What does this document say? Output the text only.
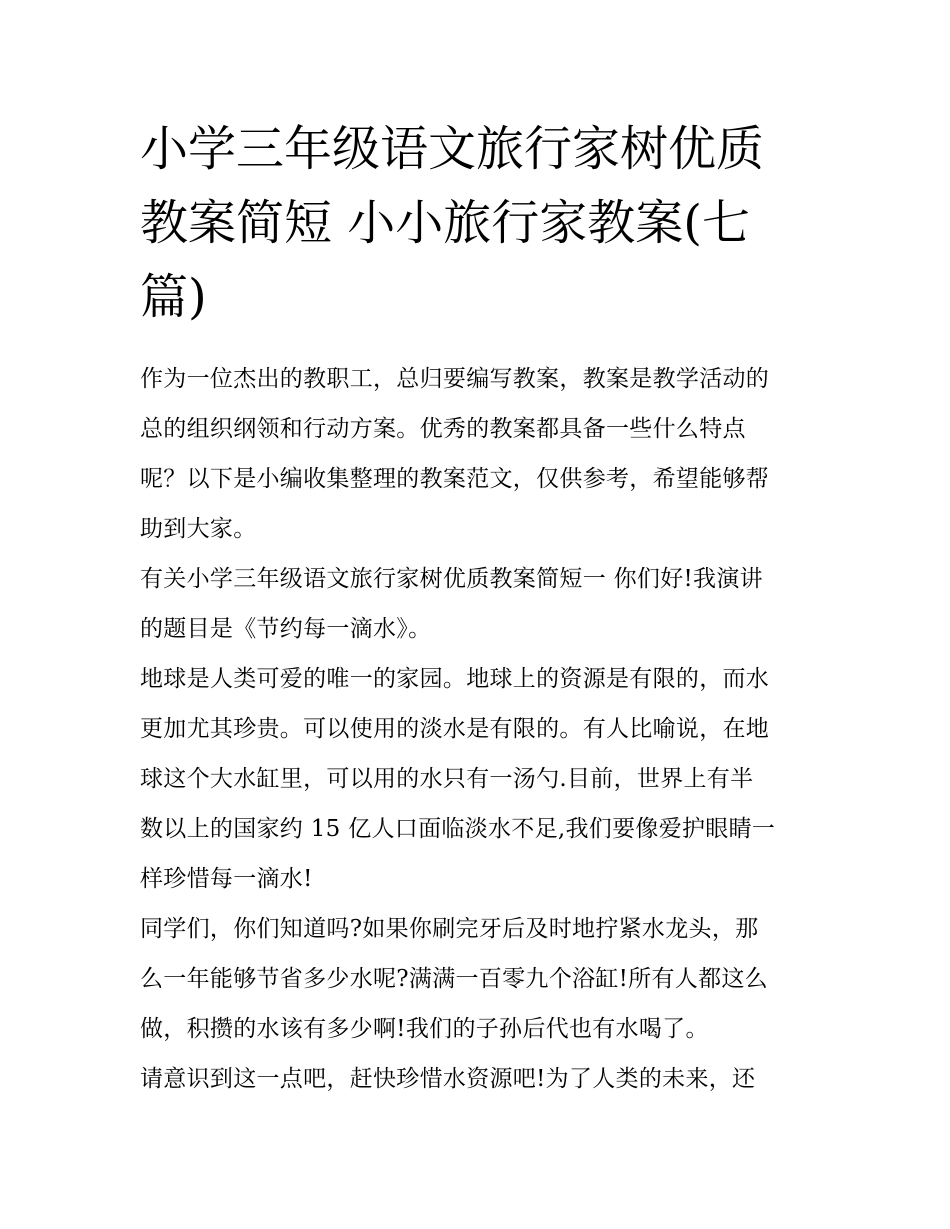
小学三年级语文旅行家树优质
教案简短 小小旅行家教案(七
篇)
作为一位杰出的教职工，总归要编写教案，教案是教学活动的
总的组织纲领和行动方案。优秀的教案都具备一些什么特点
呢？以下是小编收集整理的教案范文，仅供参考，希望能够帮
助到大家。
有关小学三年级语文旅行家树优质教案简短一 你们好!我演讲
的题目是《节约每一滴水》。
地球是人类可爱的唯一的家园。地球上的资源是有限的，而水
更加尤其珍贵。可以使用的淡水是有限的。有人比喻说，在地
球这个大水缸里，可以用的水只有一汤勺.目前，世界上有半
数以上的国家约 15 亿人口面临淡水不足,我们要像爱护眼睛一
样珍惜每一滴水!
同学们，你们知道吗?如果你刷完牙后及时地拧紧水龙头，那
么一年能够节省多少水呢?满满一百零九个浴缸!所有人都这么
做，积攒的水该有多少啊!我们的子孙后代也有水喝了。
请意识到这一点吧，赶快珍惜水资源吧!为了人类的未来，还
